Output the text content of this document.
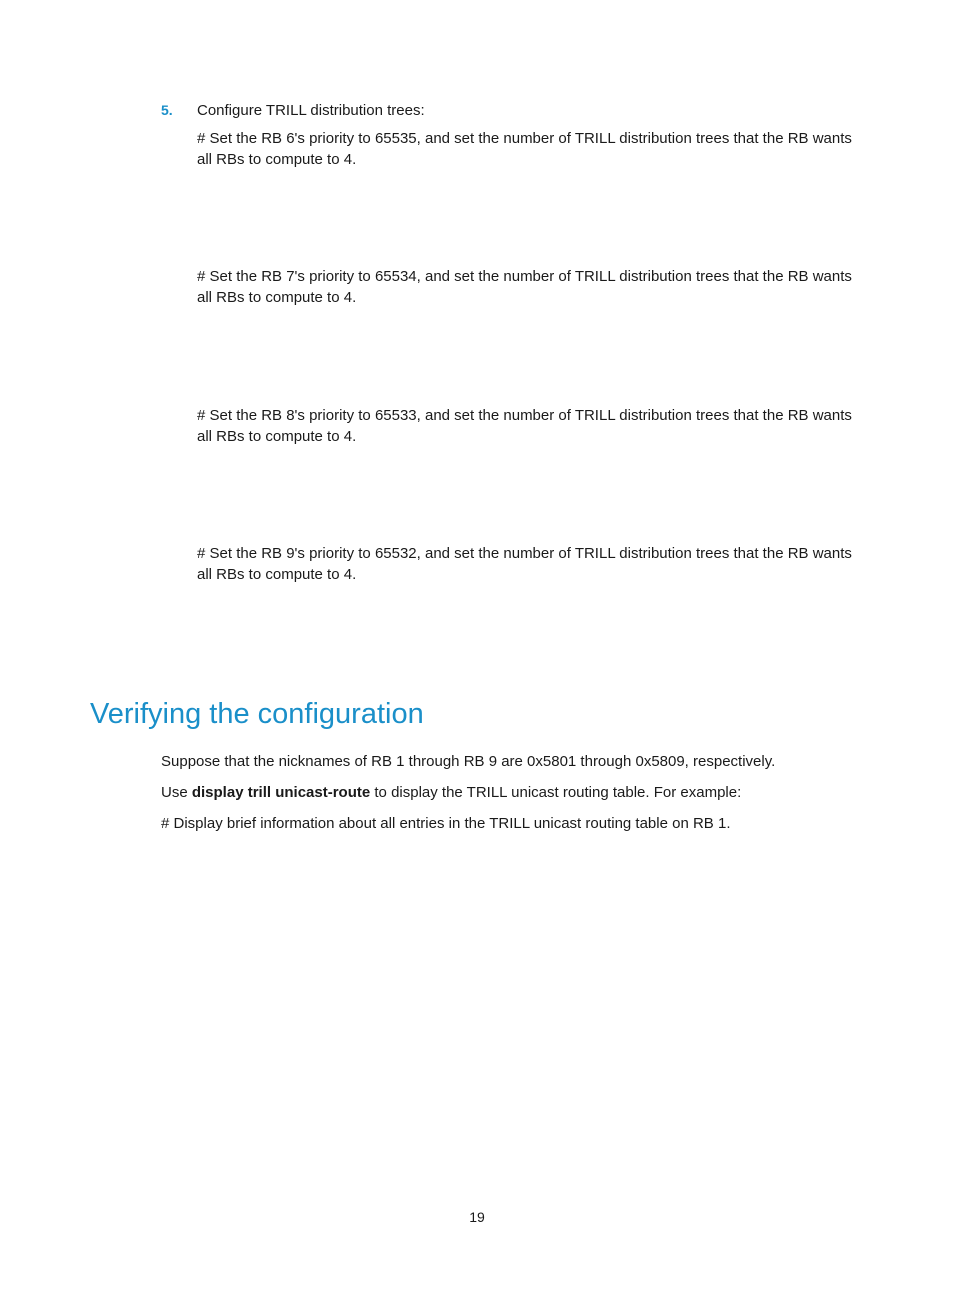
5. Configure TRILL distribution trees:
# Set the RB 6's priority to 65535, and set the number of TRILL distribution trees that the RB wants all RBs to compute to 4.
# Set the RB 7's priority to 65534, and set the number of TRILL distribution trees that the RB wants all RBs to compute to 4.
# Set the RB 8's priority to 65533, and set the number of TRILL distribution trees that the RB wants all RBs to compute to 4.
# Set the RB 9's priority to 65532, and set the number of TRILL distribution trees that the RB wants all RBs to compute to 4.
Verifying the configuration
Suppose that the nicknames of RB 1 through RB 9 are 0x5801 through 0x5809, respectively.
Use display trill unicast-route to display the TRILL unicast routing table. For example:
# Display brief information about all entries in the TRILL unicast routing table on RB 1.
19
